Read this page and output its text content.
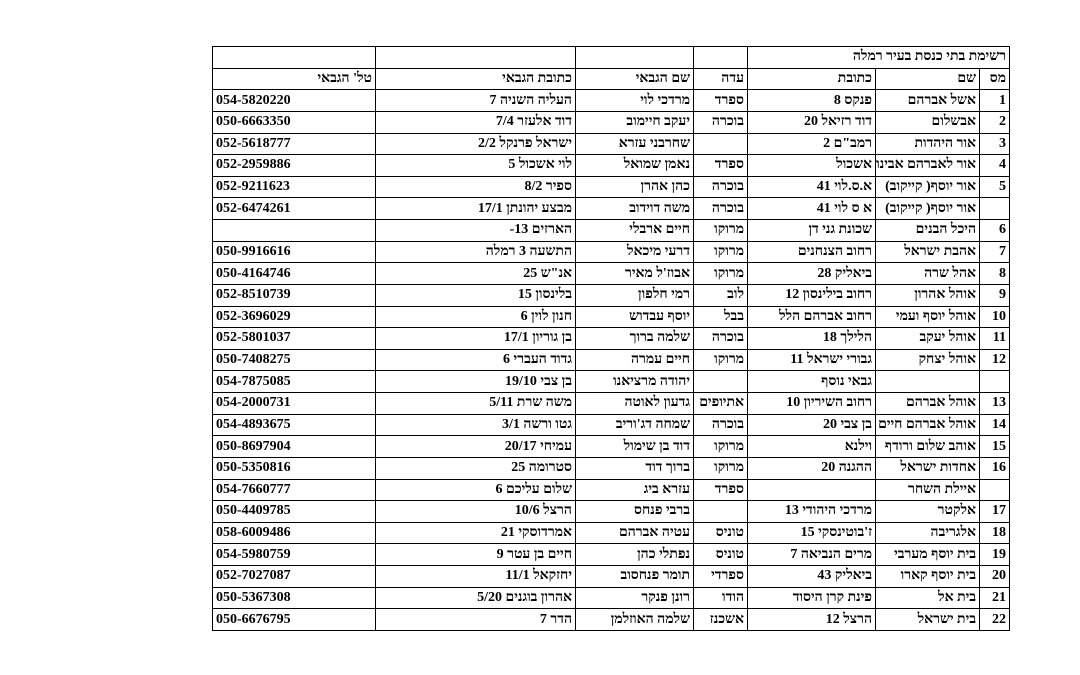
רשימת בתי כנסת בעיר רמלה						
מס	שם	כתובת	עדה	שם הגבאי	כתובת הגבאי	טל' הגבאי
1	אשל אברהם	פנקס 8	ספרד	מרדכי לוי	העליה השניה 7	054-5820220
2	אבשלום	דוד רזיאל 20	בוכרה	יעקב חיימוב	דוד אלעזר 7/4	050-6663350
3	אור היהדות	רמב"ם 2		שחרבני עזרא	ישראל פרנקל 2/2	052-5618777
4	אור לאברהם אבינו	אשכול	ספרד	נאמן שמואל	לוי אשכול 5	052-2959886
5	אור יוסף( קייקוב)	א.ס.לוי 41	בוכרה	כהן אהרן	ספיר 8/2	052-9211623
	אור יוסף( קייקוב)	א ס לוי 41	בוכרה	משה דוידוב	מבצע יהונתן 17/1	052-6474261
6	היכל הבנים	שכונת גני דן	מרוקו	חיים ארבלי	הארזים 13-	
7	אהבת ישראל	רחוב הצנחנים	מרוקו	דרעי מיכאל	התשעה 3 רמלה	050-9916616
8	אהל שרה	ביאליק 28	מרוקו	אבוז'ל מאיר	אנ"ש 25	050-4164746
9	אוהל אהרון	רחוב בילינסון 12	לוב	רמי חלפון	בלינסון 15	052-8510739
10	אוהל יוסף ועמי	רחוב אברהם הלל	בבל	יוסף עבדוש	חנון לוין 6	052-3696029
11	אוהל יעקב	הלילך 18	בוכרה	שלמה ברוך	בן גוריון 17/1	052-5801037
12	אוהל יצחק	גבורי ישראל 11	מרוקו	חיים עמרה	גדוד העברי 6	050-7408275
		גבאי נוסף		יהודה מרציאנו	בן צבי 19/10	054-7875085
13	אוהל אברהם	רחוב השיריון 10	אתיופים	גדעון לאוטה	משה שרת 5/11	054-2000731
14	אוהל אברהם חיים	בן צבי 20	בוכרה	שמחה דג'וריב	גטו ורשה 3/1	054-4893675
15	אוהב שלום ורודף	וילנא	מרוקו	דוד בן שימול	עמיחי 20/17	050-8697904
16	אחדות ישראל	ההגנה 20	מרוקו	ברוך דוד	סטרומה 25	050-5350816
	איילת השחר		ספרד	עזרא ביג	שלום עליכם 6	054-7660777
17	אלקטר	מרדכי היהודי 13		ברבי פנחס	הרצל 10/6	050-4409785
18	אלגריבה	ז'בוטינסקי 15	טוניס	עטיה אברהם	אמרדוסקי 21	058-6009486
19	בית יוסף מערבי	מרים הנביאה 7	טוניס	נפתלי כהן	חיים בן עטר 9	054-5980759
20	בית יוסף קארו	ביאליק 43	ספרדי	תומר פנחסוב	יחזקאל 11/1	052-7027087
21	בית אל	פינת קרן היסוד	הודו	רונן פנקר	אהרון בוגנים 5/20	050-5367308
22	בית ישראל	הרצל 12	אשכנז	שלמה האוזלמן	הדר 7	050-6676795
